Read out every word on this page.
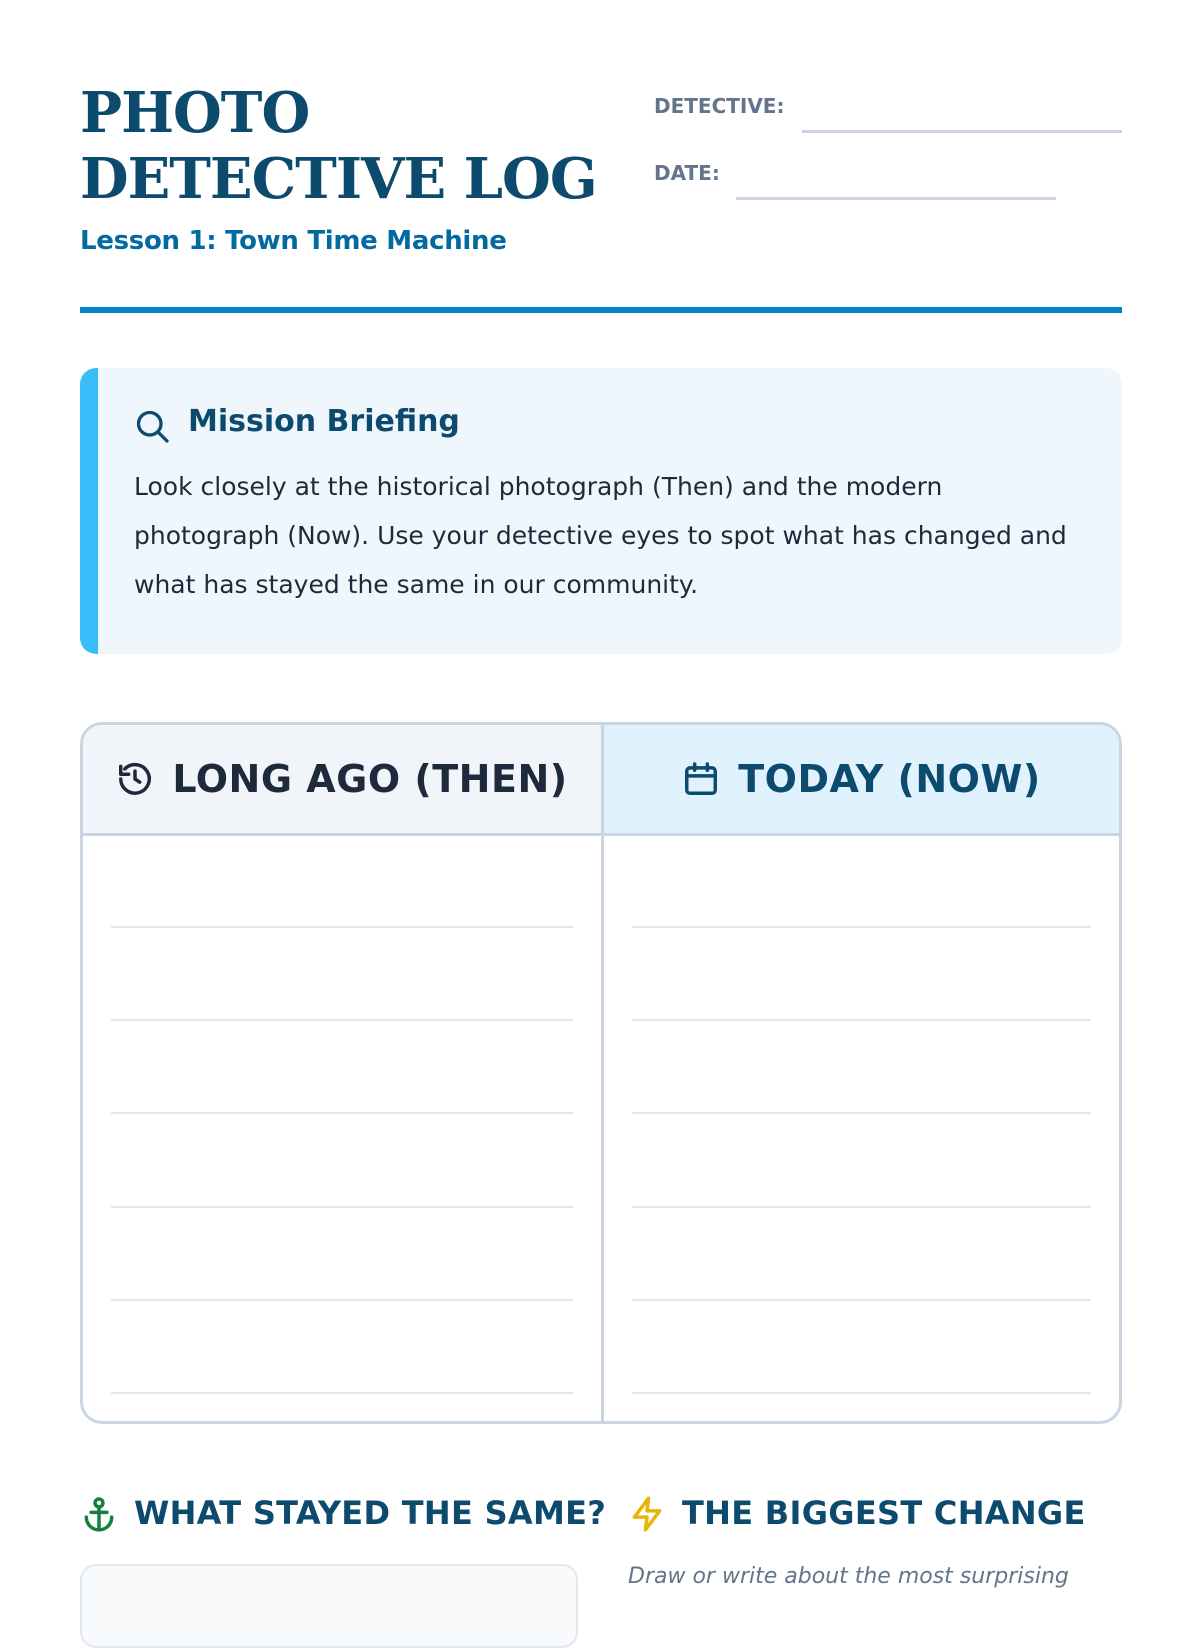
PHOTO DETECTIVE LOG
Lesson 1: Town Time Machine
DETECTIVE:
DATE:
Mission Briefing
Look closely at the historical photograph (Then) and the modern photograph (Now). Use your detective eyes to spot what has changed and what has stayed the same in our community.
LONG AGO (THEN)	TODAY (NOW)
WHAT STAYED THE SAME? THE BIGGEST CHANGE
Draw or write about the most surprising
